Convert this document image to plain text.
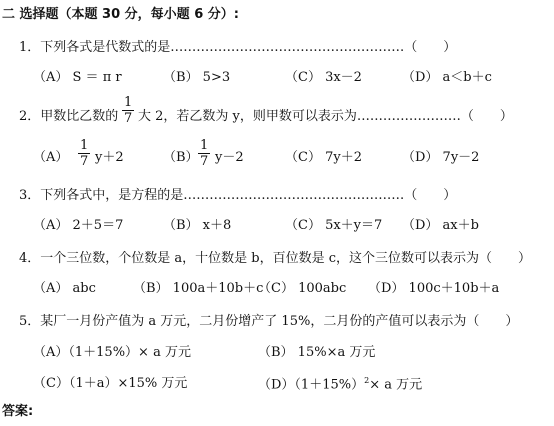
二 选择题（本题 30 分，每小题 6 分）:
1．下列各式是代数式的是………………………………………………（　　）
（A） S ＝ π r	（B） 5>3	（C） 3x－2	（D） a＜b＋c
2．甲数比乙数的 $\frac{1}{7}$ 大 2，若乙数为 y，则甲数可以表示为……………………（　　）
$(A) \frac{1}{7} y+2$	$(B) \frac{1}{7} y-2$	（C） 7y＋2	（D） 7y－2
3．下列各式中，是方程的是……………………………………………（　　）
（A） 2＋5＝7	（B） x＋8	（C） 5x＋y＝7 （D） ax＋b
4．一个三位数，个位数是 a，十位数是 b，百位数是 c，这个三位数可以表示为（　　）
（A） abc	（B） 100a＋10b＋c
（C） 100abc （D） 100c＋10b＋a
5．某厂一月份产值为 a 万元，二月份增产了 15%，二月份的产值可以表示为（　　）
（A）（1＋15%）× a 万元	（B） 15%×a 万元
（C）（1＋a）×15% 万元	$(D)(1+15\%)^2\times a$ 万元
答案:
